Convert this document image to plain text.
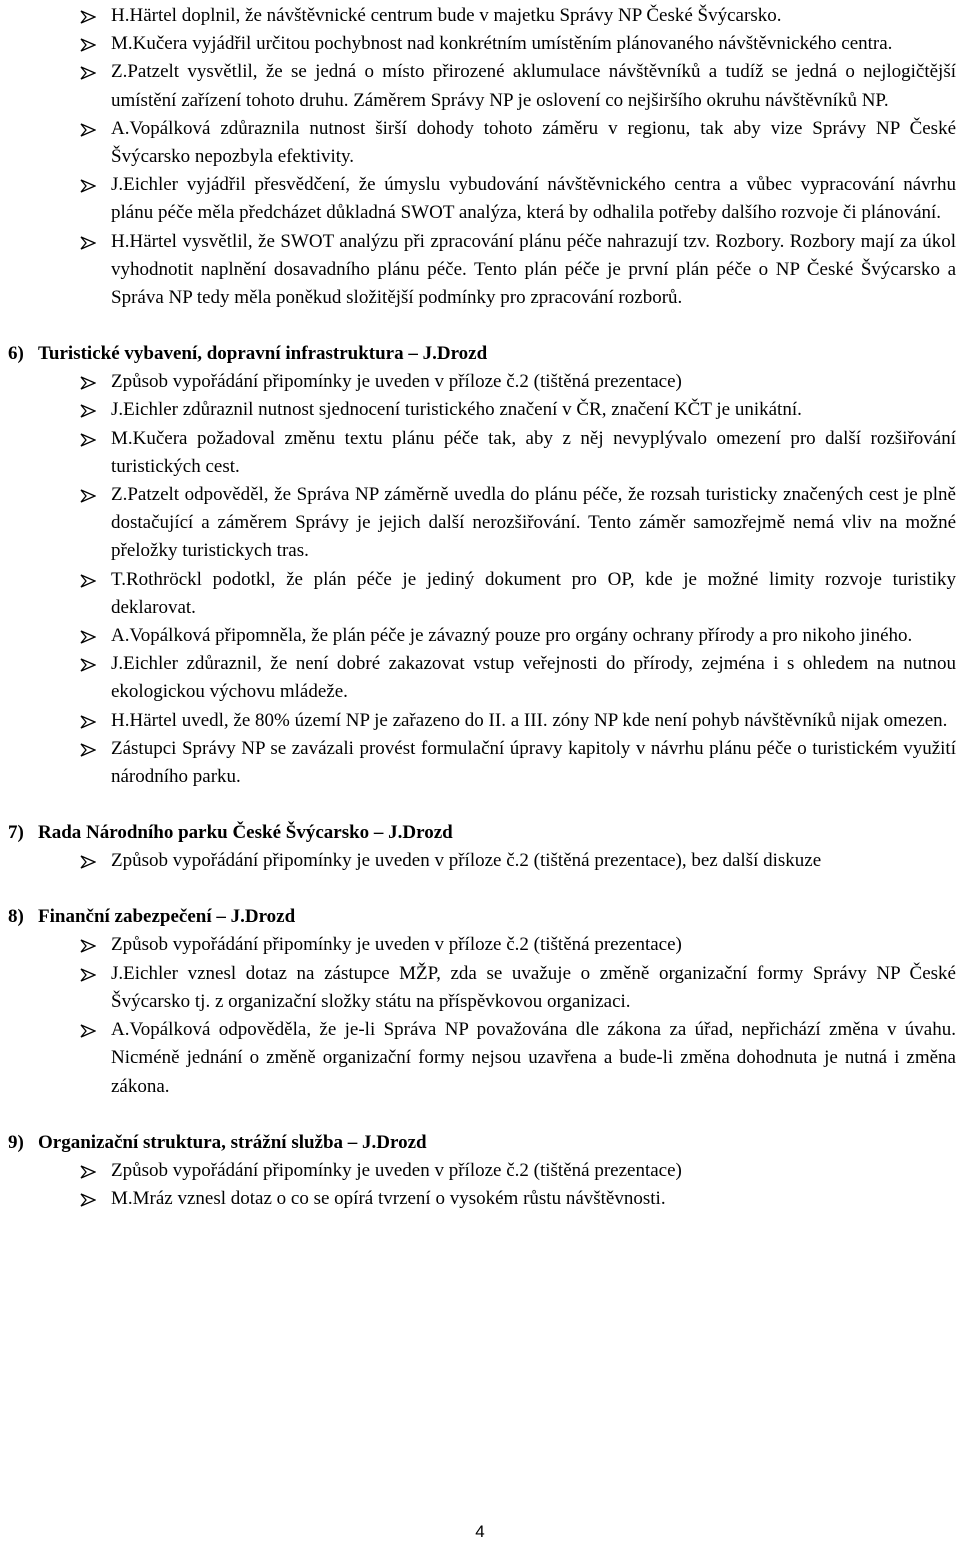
H.Härtel doplnil, že návštěvnické centrum bude v majetku Správy NP České Švýcarsko.
M.Kučera vyjádřil určitou pochybnost nad konkrétním umístěním plánovaného návštěvnického centra.
Z.Patzelt vysvětlil, že se jedná o místo přirozené aklumulace návštěvníků a tudíž se jedná o nejlogičtější umístění zařízení tohoto druhu. Záměrem Správy NP je oslovení co nejširšího okruhu návštěvníků NP.
A.Vopálková zdůraznila nutnost širší dohody tohoto záměru v regionu, tak aby vize Správy NP České Švýcarsko nepozbyla efektivity.
J.Eichler vyjádřil přesvědčení, že úmyslu vybudování návštěvnického centra a vůbec vypracování návrhu plánu péče měla předcházet důkladná SWOT analýza, která by odhalila potřeby dalšího rozvoje či plánování.
H.Härtel vysvětlil, že SWOT analýzu při zpracování plánu péče nahrazují tzv. Rozbory. Rozbory mají za úkol vyhodnotit naplnění dosavadního plánu péče. Tento plán péče je první plán péče o NP České Švýcarsko a Správa NP tedy měla poněkud složitější podmínky pro zpracování rozborů.
6) Turistické vybavení, dopravní infrastruktura – J.Drozd
Způsob vypořádání připomínky je uveden v příloze č.2 (tištěná prezentace)
J.Eichler zdůraznil nutnost sjednocení turistického značení v ČR, značení KČT je unikátní.
M.Kučera požadoval změnu textu plánu péče tak, aby z něj nevyplývalo omezení pro další rozšiřování turistických cest.
Z.Patzelt odpověděl, že Správa NP záměrně uvedla do plánu péče, že rozsah turisticky značených cest je plně dostačující a záměrem Správy je jejich další nerozšiřování. Tento záměr samozřejmě nemá vliv na možné přeložky turistickych tras.
T.Rothröckl podotkl, že plán péče je jediný dokument pro OP, kde je možné limity rozvoje turistiky deklarovat.
A.Vopálková připomněla, že plán péče je závazný pouze pro orgány ochrany přírody a pro nikoho jiného.
J.Eichler zdůraznil, že není dobré zakazovat vstup veřejnosti do přírody, zejména i s ohledem na nutnou ekologickou výchovu mládeže.
H.Härtel uvedl, že 80% území NP je zařazeno do II. a III. zóny NP kde není pohyb návštěvníků nijak omezen.
Zástupci Správy NP se zavázali provést formulační úpravy kapitoly v návrhu plánu péče o turistickém využití národního parku.
7) Rada Národního parku České Švýcarsko – J.Drozd
Způsob vypořádání připomínky je uveden v příloze č.2 (tištěná prezentace), bez další diskuze
8) Finanční zabezpečení – J.Drozd
Způsob vypořádání připomínky je uveden v příloze č.2 (tištěná prezentace)
J.Eichler vznesl dotaz na zástupce MŽP, zda se uvažuje o změně organizační formy Správy NP České Švýcarsko tj. z organizační složky státu na příspěvkovou organizaci.
A.Vopálková odpověděla, že je-li Správa NP považována dle zákona za úřad, nepřichází změna v úvahu. Nicméně jednání o změně organizační formy nejsou uzavřena a bude-li změna dohodnuta je nutná i změna zákona.
9) Organizační struktura, strážní služba – J.Drozd
Způsob vypořádání připomínky je uveden v příloze č.2 (tištěná prezentace)
M.Mráz vznesl dotaz o co se opírá tvrzení o vysokém růstu návštěvnosti.
4
